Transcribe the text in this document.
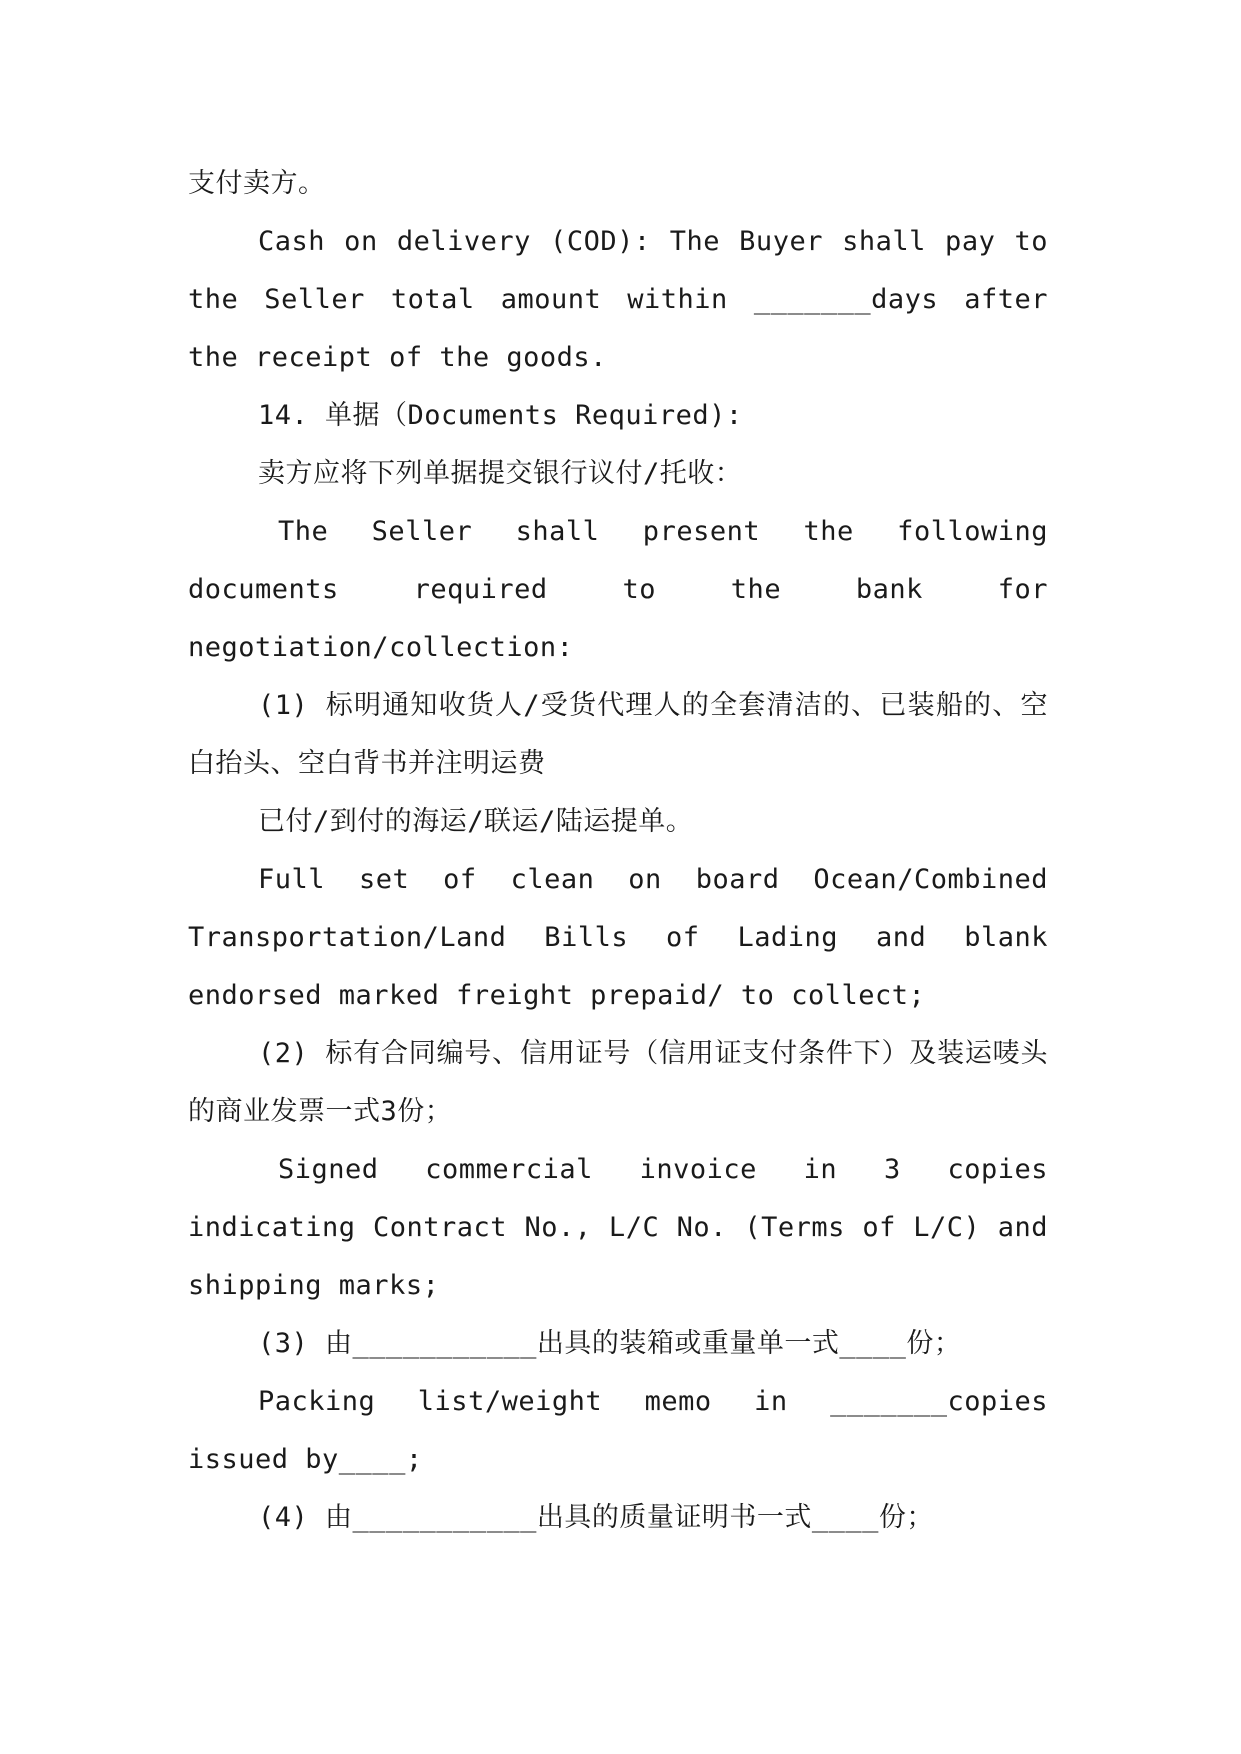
支付卖方。

Cash on delivery (COD): The Buyer shall pay to the Seller total amount within _______days after the receipt of the goods.

14. 单据（Documents Required):

卖方应将下列单据提交银行议付/托收：

The Seller shall present the following documents required to the bank for negotiation/collection:

(1) 标明通知收货人/受货代理人的全套清洁的、已装船的、空白抬头、空白背书并注明运费

已付/到付的海运/联运/陆运提单。

Full set of clean on board Ocean/Combined Transportation/Land Bills of Lading and blank endorsed marked freight prepaid/ to collect;

(2) 标有合同编号、信用证号（信用证支付条件下）及装运唛头的商业发票一式3份；

Signed commercial invoice in 3 copies indicating Contract No., L/C No. (Terms of L/C) and shipping marks;

(3) 由___________出具的装箱或重量单一式____份；

Packing list/weight memo in _______copies issued by____;

(4) 由___________出具的质量证明书一式____份；
